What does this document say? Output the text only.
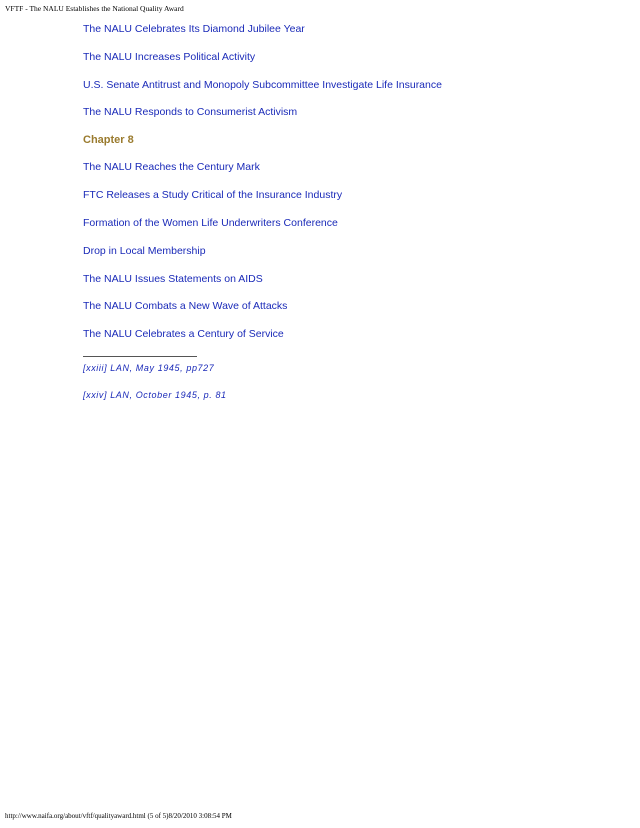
VFTF - The NALU Establishes the National Quality Award
The NALU Celebrates Its Diamond Jubilee Year
The NALU Increases Political Activity
U.S. Senate Antitrust and Monopoly Subcommittee Investigate Life Insurance
The NALU Responds to Consumerist Activism
Chapter 8
The NALU Reaches the Century Mark
FTC Releases a Study Critical of the Insurance Industry
Formation of the Women Life Underwriters Conference
Drop in Local Membership
The NALU Issues Statements on AIDS
The NALU Combats a New Wave of Attacks
The NALU Celebrates a Century of Service
[xxiii] LAN, May 1945, pp727
[xxiv] LAN, October 1945, p. 81
http://www.naifa.org/about/vftf/qualityaward.html (5 of 5)8/20/2010 3:08:54 PM
